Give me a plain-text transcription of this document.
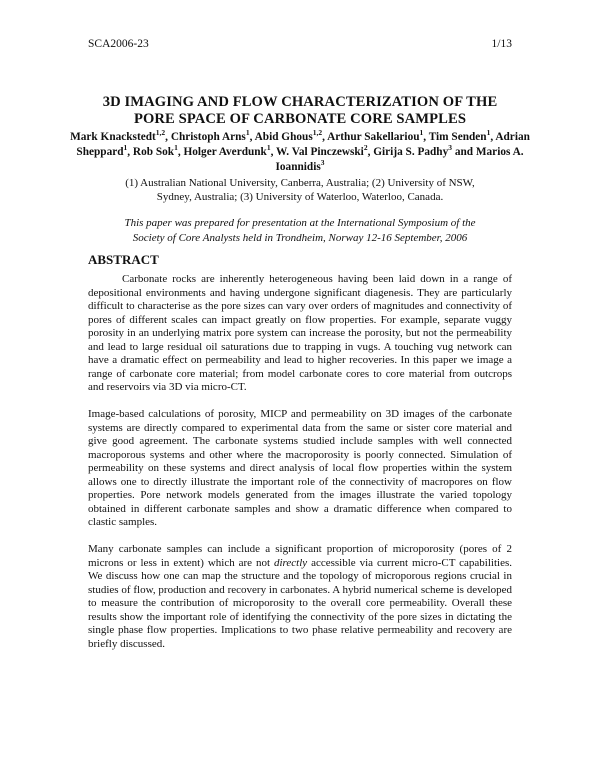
SCA2006-23	1/13
3D IMAGING AND FLOW CHARACTERIZATION OF THE
PORE SPACE OF CARBONATE CORE SAMPLES
Mark Knackstedt$^{1,2}$, Christoph Arns$^1$, Abid Ghous$^{1,2}$, Arthur Sakellariou$^1$, Tim Senden$^1$, Adrian Sheppard$^1$, Rob Sok$^1$, Holger Averdunk$^1$, W. Val Pinczewski$^2$, Girija S. Padhy$^3$ and Marios A. Ioannidis$^3$
(1) Australian National University, Canberra, Australia; (2) University of NSW,
Sydney, Australia; (3) University of Waterloo, Waterloo, Canada.
This paper was prepared for presentation at the International Symposium of the
Society of Core Analysts held in Trondheim, Norway 12-16 September, 2006
ABSTRACT

Carbonate rocks are inherently heterogeneous having been laid down in a range of depositional environments and having undergone significant diagenesis. They are particularly difficult to characterise as the pore sizes can vary over orders of magnitudes and connectivity of pores of different scales can impact greatly on flow properties. For example, separate vuggy porosity in an underlying matrix pore system can increase the porosity, but not the permeability and lead to large residual oil saturations due to trapping in vugs. A touching vug network can have a dramatic effect on permeability and lead to higher recoveries. In this paper we image a range of carbonate core material; from model carbonate cores to core material from outcrops and reservoirs via 3D via micro-CT.

Image-based calculations of porosity, MICP and permeability on 3D images of the carbonate systems are directly compared to experimental data from the same or sister core material and give good agreement. The carbonate systems studied include samples with well connected macroporous systems and other where the macroporosity is poorly connected. Simulation of permeability on these systems and direct analysis of local flow properties within the system allows one to directly illustrate the important role of the connectivity of macropores on flow properties. Pore network models generated from the images illustrate the varied topology obtained in different carbonate samples and show a dramatic difference when compared to clastic samples.

Many carbonate samples can include a significant proportion of microporosity (pores of 2 microns or less in extent) which are not directly accessible via current micro-CT capabilities. We discuss how one can map the structure and the topology of microporous regions crucial in studies of flow, production and recovery in carbonates. A hybrid numerical scheme is developed to measure the contribution of microporosity to the overall core permeability. Overall these results show the important role of identifying the connectivity of the pore sizes in dictating the single phase flow properties. Implications to two phase relative permeability and recovery are briefly discussed.
